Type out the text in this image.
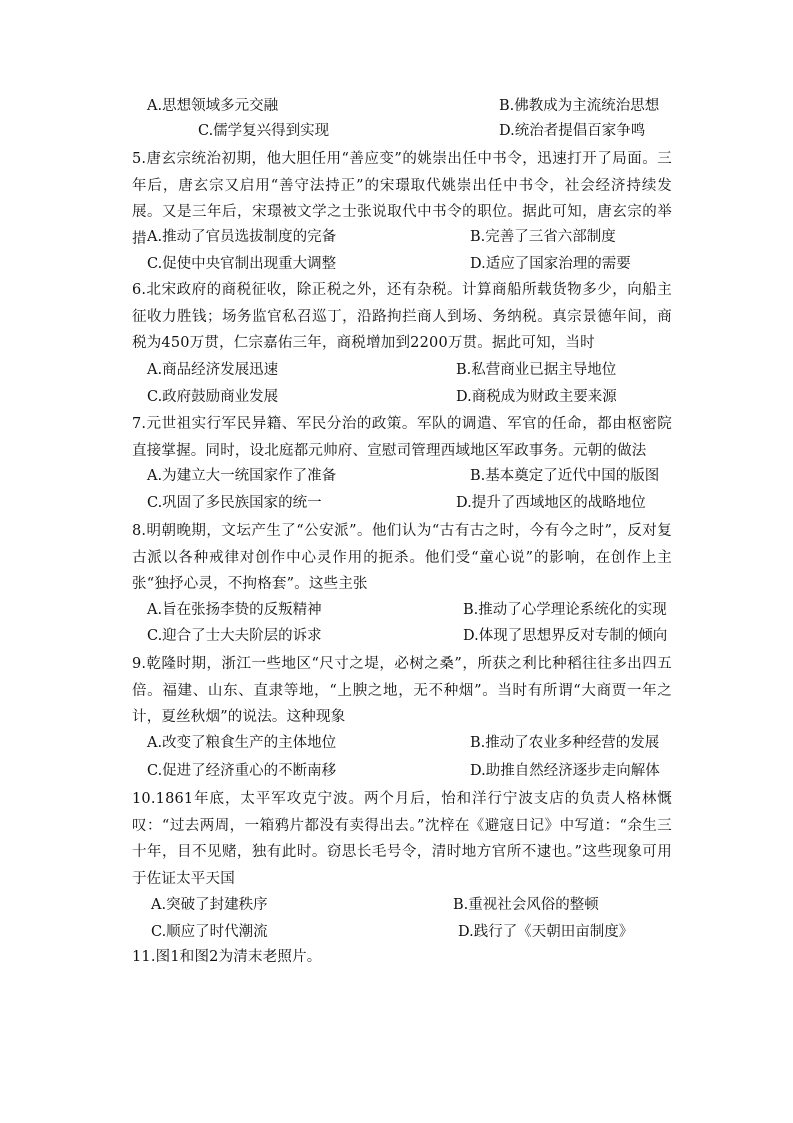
A.思想领域多元交融	B.佛教成为主流统治思想
C.儒学复兴得到实现	D.统治者提倡百家争鸣

5.唐玄宗统治初期，他大胆任用“善应变”的姚崇出任中书令，迅速打开了局面。三年后，唐玄宗又启用“善守法持正”的宋璟取代姚崇出任中书令，社会经济持续发展。又是三年后，宋璟被文学之士张说取代中书令的职位。据此可知，唐玄宗的举措 A.推动了官员选拔制度的完备	B.完善了三省六部制度
C.促使中央官制出现重大调整	D.适应了国家治理的需要

6.北宋政府的商税征收，除正税之外，还有杂税。计算商船所载货物多少，向船主征收力胜钱；场务监官私召巡丁，沿路拘拦商人到场、务纳税。真宗景德年间，商税为450万贯，仁宗嘉佑三年，商税增加到2200万贯。据此可知，当时

A.商品经济发展迅速	B.私营商业已据主导地位
C.政府鼓励商业发展	D.商税成为财政主要来源

7.元世祖实行军民异籍、军民分治的政策。军队的调遣、军官的任命，都由枢密院直接掌握。同时，设北庭都元帅府、宣慰司管理西域地区军政事务。元朝的做法

A.为建立大一统国家作了准备	B.基本奠定了近代中国的版图
C.巩固了多民族国家的统一	D.提升了西域地区的战略地位

8.明朝晚期，文坛产生了“公安派”。他们认为“古有古之时，今有今之时”，反对复古派以各种戒律对创作中心灵作用的扼杀。他们受“童心说”的影响，在创作上主张“独抒心灵，不拘格套”。这些主张

A.旨在张扬李贽的反叛精神	B.推动了心学理论系统化的实现
C.迎合了士大夫阶层的诉求	D.体现了思想界反对专制的倾向

9.乾隆时期，浙江一些地区“尺寸之堤，必树之桑”，所获之利比种稻往往多出四五倍。福建、山东、直隶等地，“上腴之地，无不种烟”。当时有所谓“大商贾一年之计，夏丝秋烟”的说法。这种现象

A.改变了粮食生产的主体地位	B.推动了农业多种经营的发展
C.促进了经济重心的不断南移	D.助推自然经济逐步走向解体

10.1861年底，太平军攻克宁波。两个月后，怡和洋行宁波支店的负责人格林慨叹：“过去两周，一箱鸦片都没有卖得出去。”沈梓在《避寇日记》中写道：“余生三十年，目不见赌，独有此时。窃思长毛号令，清时地方官所不逮也。”这些现象可用于佐证太平天国

A.突破了封建秩序	B.重视社会风俗的整顿
C.顺应了时代潮流	D.践行了《天朝田亩制度》

11.图1和图2为清末老照片。
